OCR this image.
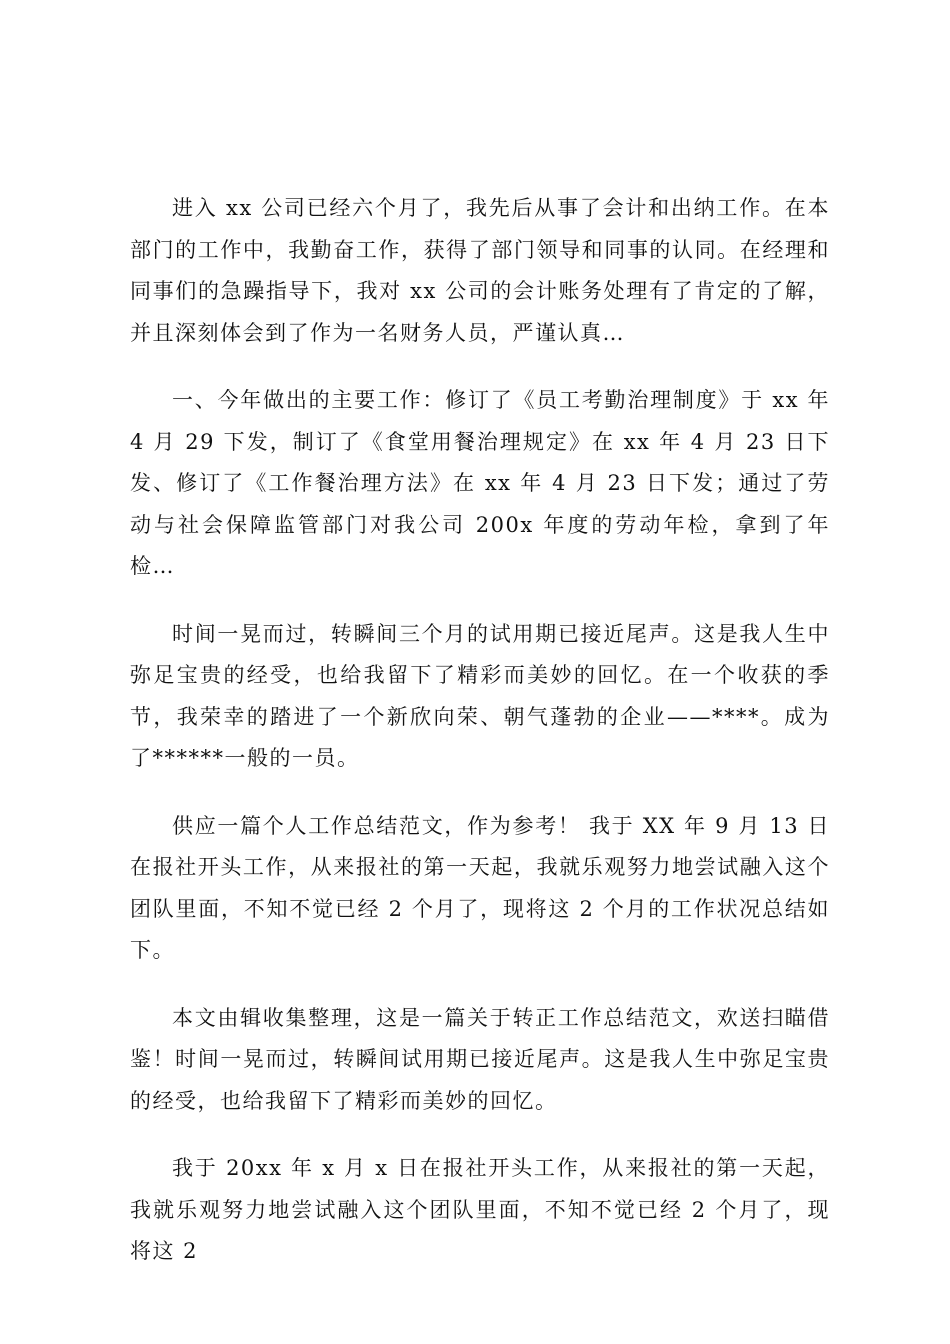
进入 xx 公司已经六个月了，我先后从事了会计和出纳工作。在本部门的工作中，我勤奋工作，获得了部门领导和同事的认同。在经理和同事们的急躁指导下，我对 xx 公司的会计账务处理有了肯定的了解，并且深刻体会到了作为一名财务人员，严谨认真…

一、今年做出的主要工作：修订了《员工考勤治理制度》于 xx 年 4 月 29 下发，制订了《食堂用餐治理规定》在 xx 年 4 月 23 日下发、修订了《工作餐治理方法》在 xx 年 4 月 23 日下发；通过了劳动与社会保障监管部门对我公司 200x 年度的劳动年检，拿到了年检…

时间一晃而过，转瞬间三个月的试用期已接近尾声。这是我人生中弥足宝贵的经受，也给我留下了精彩而美妙的回忆。在一个收获的季节，我荣幸的踏进了一个新欣向荣、朝气蓬勃的企业——****。成为了******一般的一员。

供应一篇个人工作总结范文，作为参考！ 我于 XX 年 9 月 13 日在报社开头工作，从来报社的第一天起，我就乐观努力地尝试融入这个团队里面，不知不觉已经 2 个月了，现将这 2 个月的工作状况总结如下。

本文由辑收集整理，这是一篇关于转正工作总结范文，欢送扫瞄借鉴！时间一晃而过，转瞬间试用期已接近尾声。这是我人生中弥足宝贵的经受，也给我留下了精彩而美妙的回忆。

我于 20xx 年 x 月 x 日在报社开头工作，从来报社的第一天起，我就乐观努力地尝试融入这个团队里面，不知不觉已经 2 个月了，现将这 2
